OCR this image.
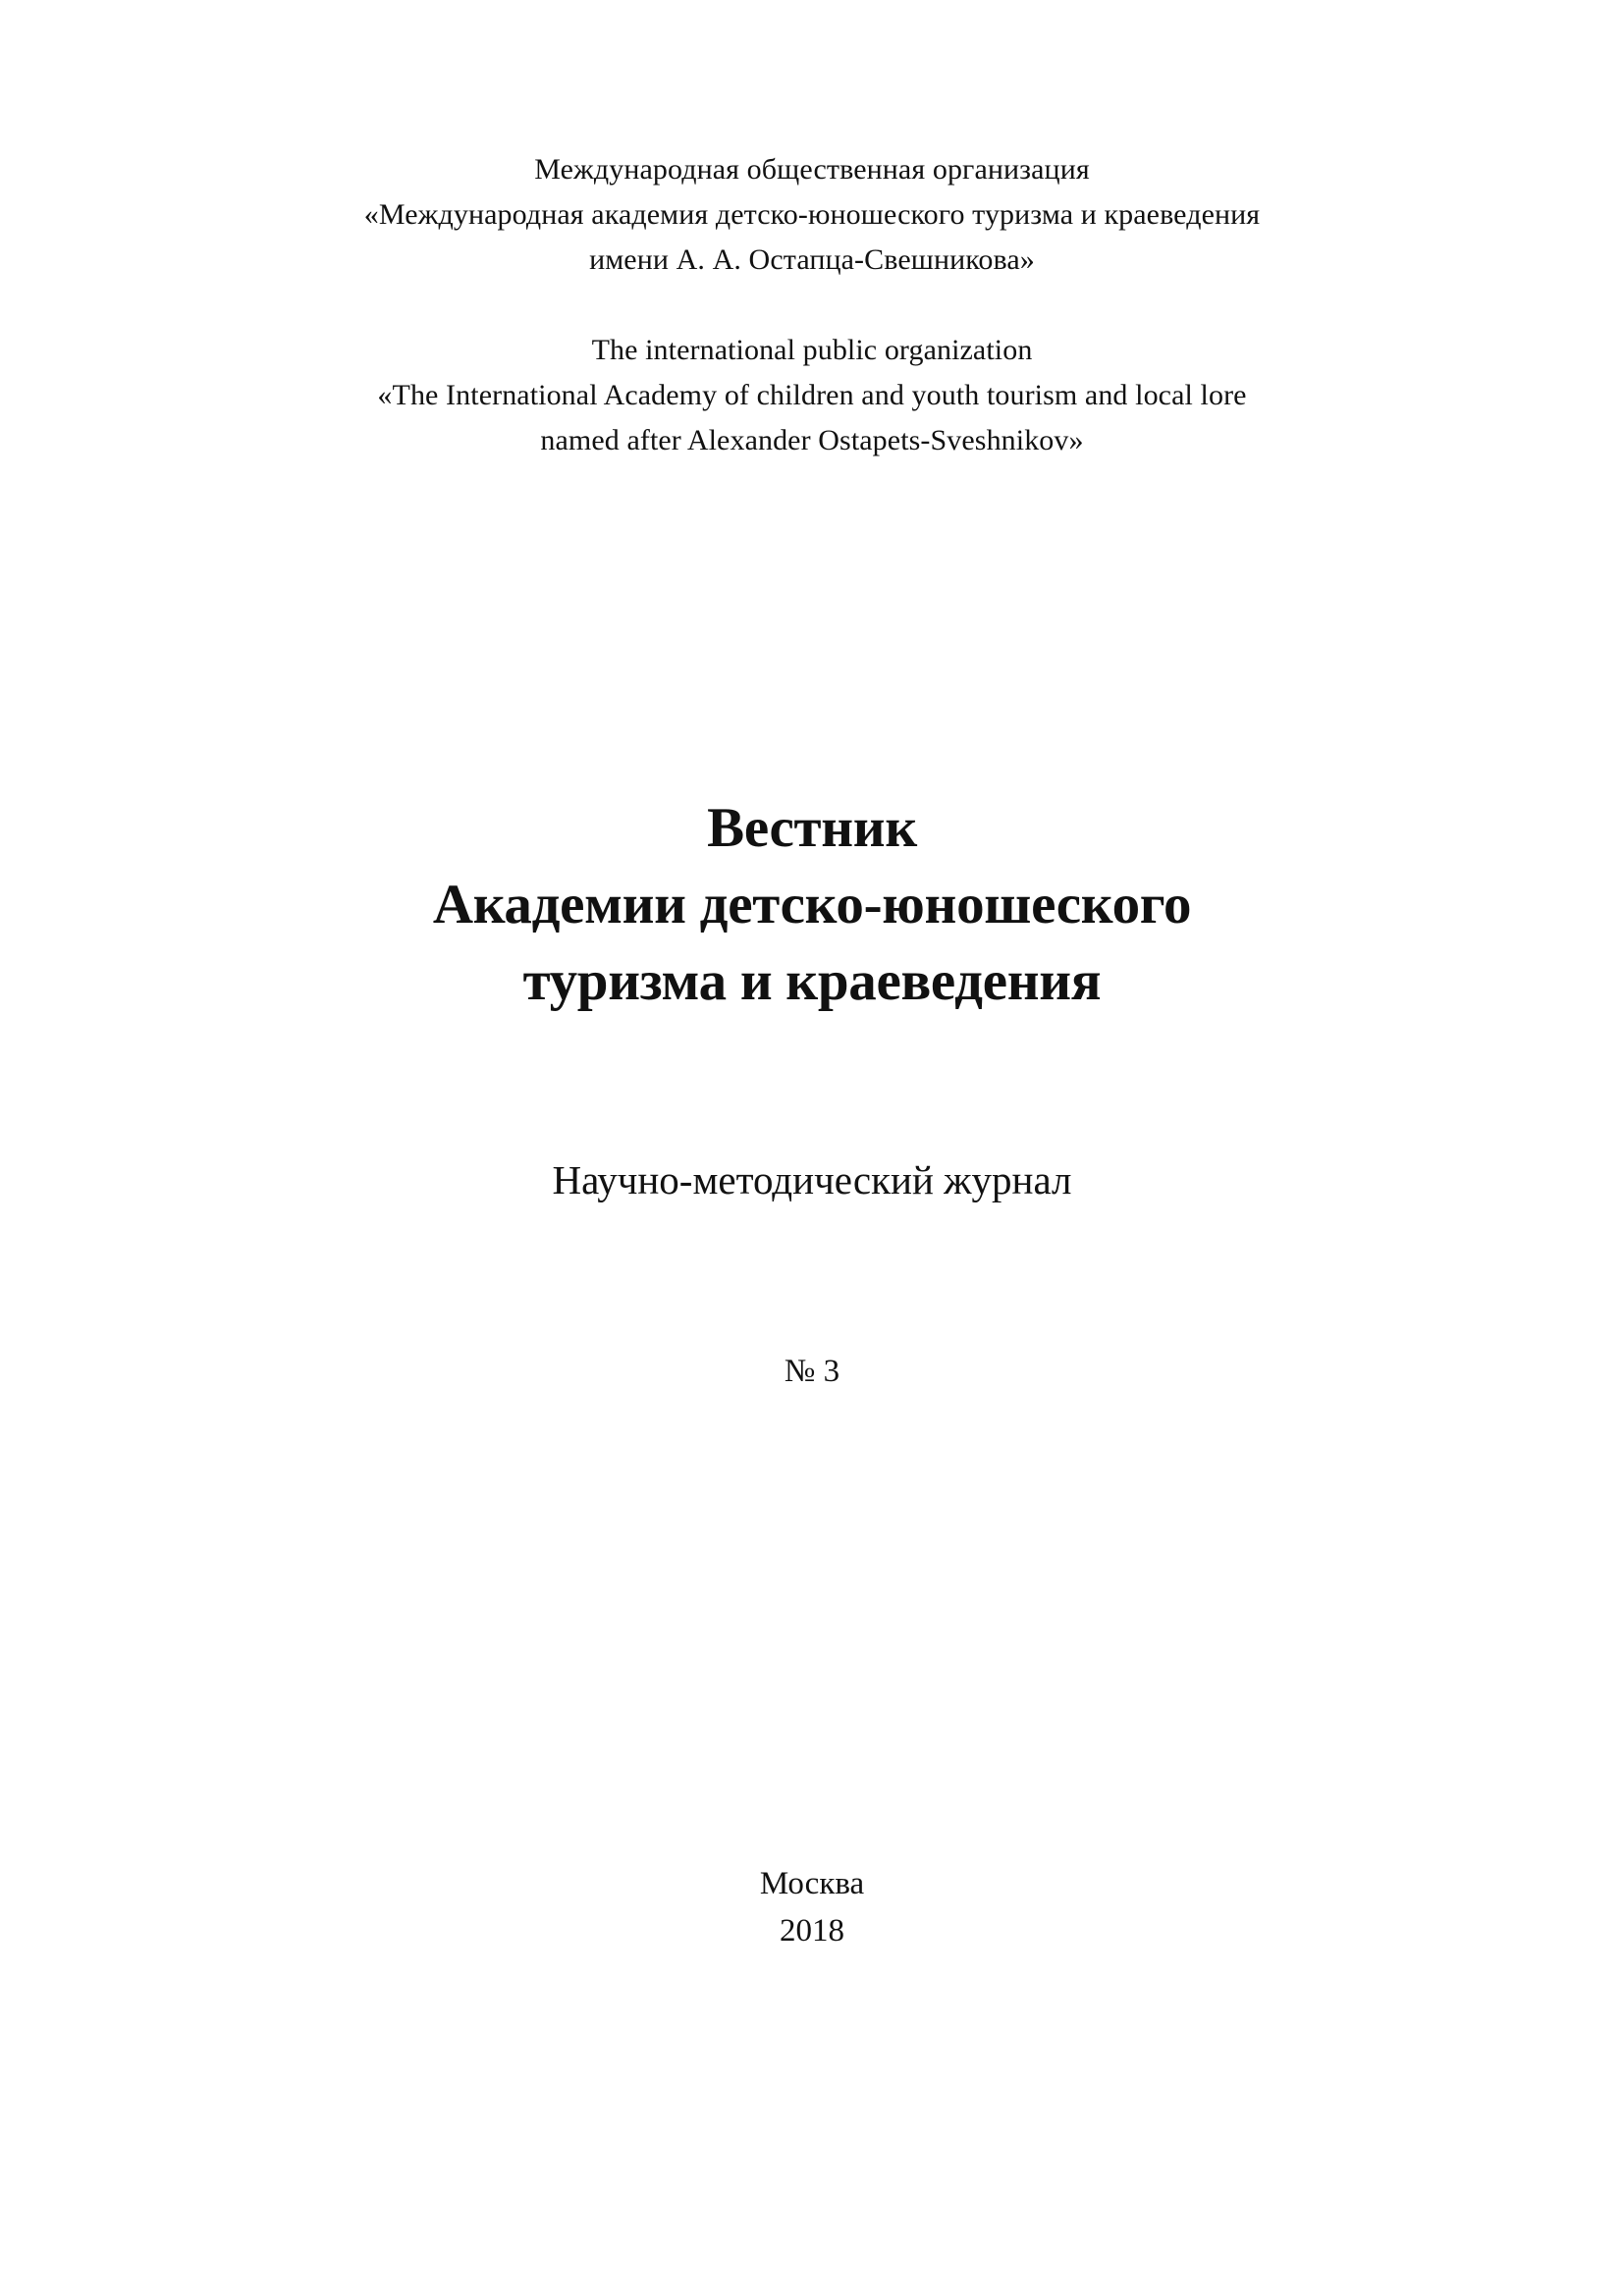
Международная общественная организация
«Международная академия детско-юношеского туризма и краеведения
имени А. А. Остапца-Свешникова»
The international public organization
«The International Academy of children and youth tourism and local lore
named after Alexander Ostapets-Sveshnikov»
Вестник
Академии детско-юношеского
туризма и краеведения
Научно-методический журнал
№ 3
Москва
2018
